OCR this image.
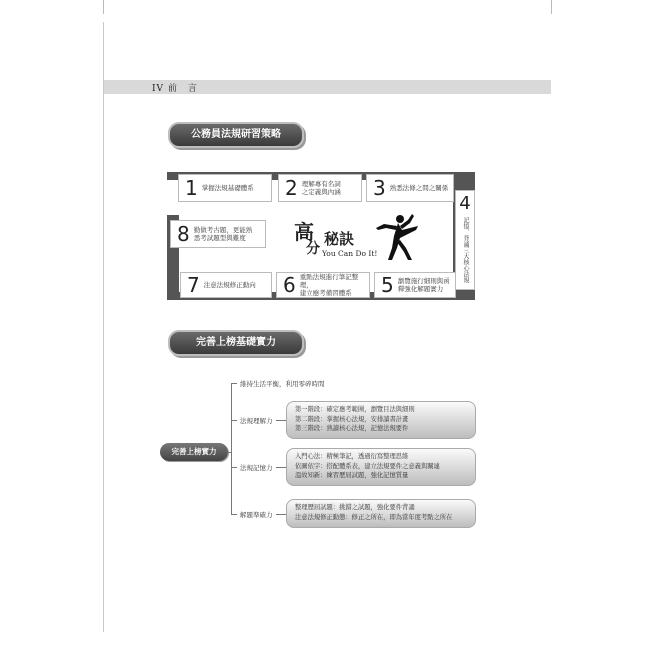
IV 前　言
公務員法規研習策略
1 掌握法規基礎體系 2 理解專有名詞
之定義與內涵 3 熟悉法條之間之關係
4
記憶、背誦三大核心法規
5 瀏覽施行細則與函
釋強化解題實力
6 重點法規進行筆記整理，
建立應考備習體系
7 注意法規修正動向
8 勤做考古題，更能熟
悉考試題型與難度	高
分
秘訣
You Can Do It!
完善上榜基礎實力
完善上榜實力
維持生活平衡，利用零碎時間
法規理解力
第一階段：確定應考範圍，瀏覽目法與細則
第二階段：掌握核心法規，安排讀書計畫
第三階段：熟讀核心法規，記憶法規要件
法規記憶力
入門心法：精極筆記，透過衍寫整理思維
依圖依字：搭配體系表，建立法規要件之意義與關連
溫故知新：練習歷屆試題，強化記憶質量
解題準確力
整理歷屆試題：挑錯之試題，強化要件背誦
注意法規修正動態：修正之所在，即為當年度考點之所在
